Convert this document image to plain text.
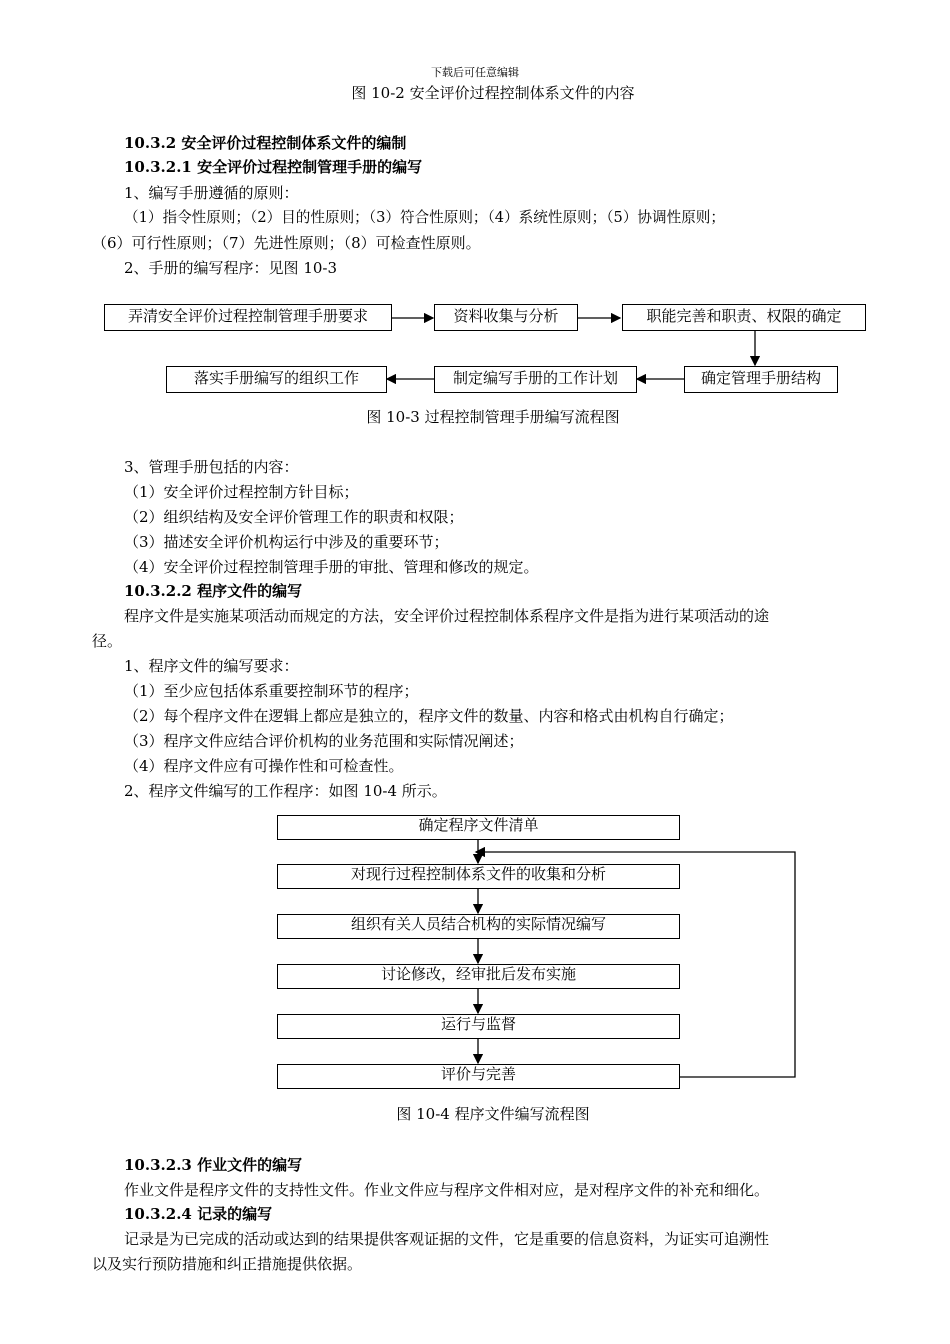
下载后可任意编辑
图 10-2 安全评价过程控制体系文件的内容
10.3.2 安全评价过程控制体系文件的编制
10.3.2.1 安全评价过程控制管理手册的编写
1、编写手册遵循的原则：
（1）指令性原则；（2）目的性原则；（3）符合性原则；（4）系统性原则；（5）协调性原则；
（6）可行性原则；（7）先进性原则；（8）可检查性原则。
2、手册的编写程序：见图 10-3
弄清安全评价过程控制管理手册要求	资料收集与分析	职能完善和职责、权限的确定
确定管理手册结构
制定编写手册的工作计划
落实手册编写的组织工作
图 10-3 过程控制管理手册编写流程图
3、管理手册包括的内容：
（1）安全评价过程控制方针目标；
（2）组织结构及安全评价管理工作的职责和权限；
（3）描述安全评价机构运行中涉及的重要环节；
（4）安全评价过程控制管理手册的审批、管理和修改的规定。
10.3.2.2 程序文件的编写
程序文件是实施某项活动而规定的方法，安全评价过程控制体系程序文件是指为进行某项活动的途
径。
1、程序文件的编写要求：
（1）至少应包括体系重要控制环节的程序；
（2）每个程序文件在逻辑上都应是独立的，程序文件的数量、内容和格式由机构自行确定；
（3）程序文件应结合评价机构的业务范围和实际情况阐述；
（4）程序文件应有可操作性和可检查性。
2、程序文件编写的工作程序：如图 10-4 所示。
确定程序文件清单
对现行过程控制体系文件的收集和分析
组织有关人员结合机构的实际情况编写
讨论修改，经审批后发布实施
运行与监督
评价与完善
图 10-4 程序文件编写流程图
10.3.2.3 作业文件的编写
作业文件是程序文件的支持性文件。作业文件应与程序文件相对应，是对程序文件的补充和细化。
10.3.2.4 记录的编写
记录是为已完成的活动或达到的结果提供客观证据的文件，它是重要的信息资料，为证实可追溯性
以及实行预防措施和纠正措施提供依据。
